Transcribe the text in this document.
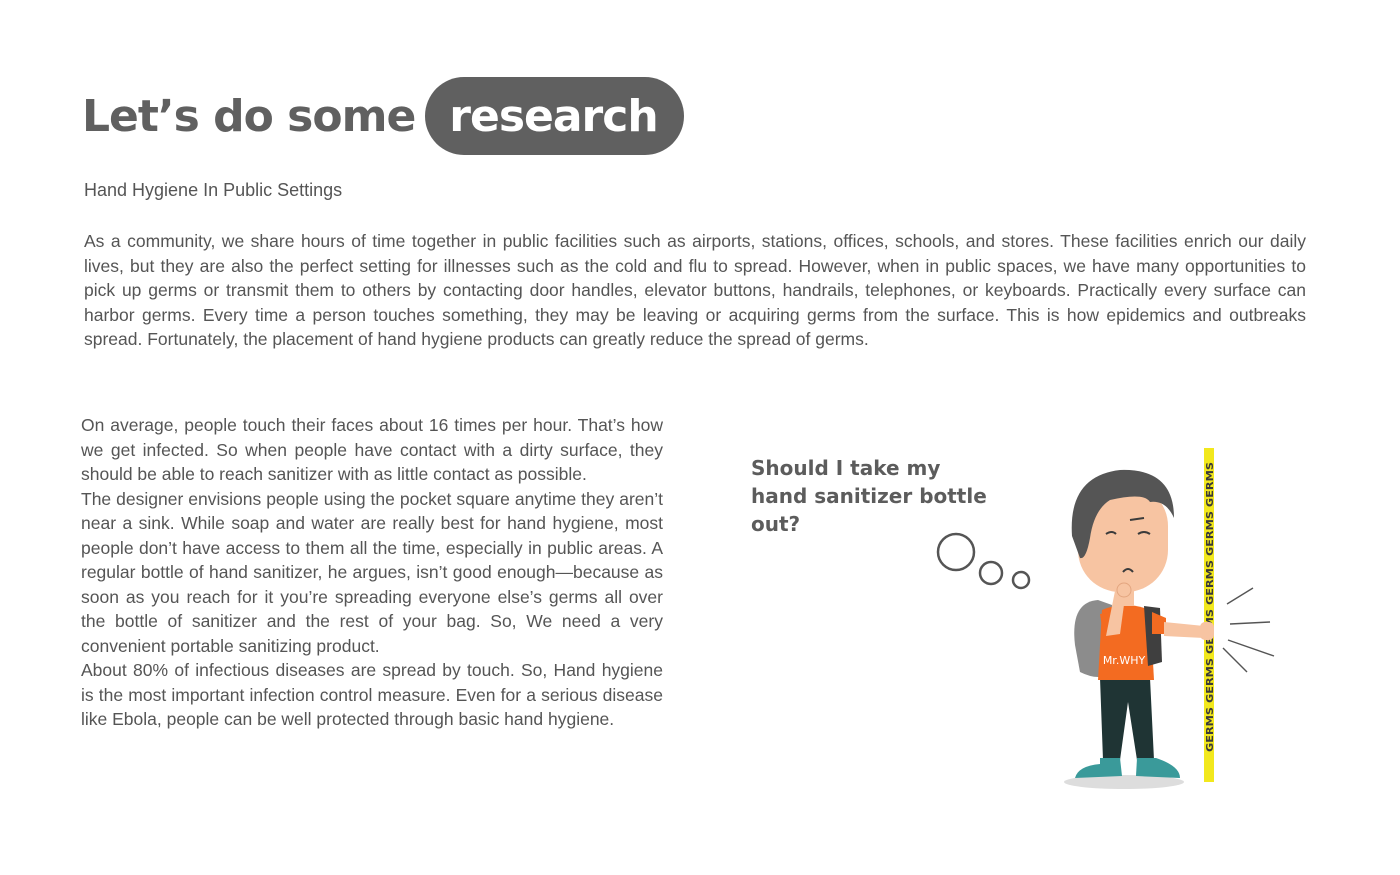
Let’s do some research
Hand Hygiene In Public Settings

As a community, we share hours of time together in public facilities such as airports, stations, offices, schools, and stores. These facilities enrich our daily lives, but they are also the perfect setting for illnesses such as the cold and flu to spread. However, when in public spaces, we have many opportunities to pick up germs or transmit them to others by contacting door handles, elevator buttons, handrails, telephones, or keyboards. Practically every surface can harbor germs. Every time a person touches something, they may be leaving or acquiring germs from the surface. This is how epidemics and outbreaks spread. Fortunately, the placement of hand hygiene products can greatly reduce the spread of germs.

On average, people touch their faces about 16 times per hour. That’s how we get infected. So when people have contact with a dirty surface, they should be able to reach sanitizer with as little contact as possible.

The designer envisions people using the pocket square anytime they aren’t near a sink. While soap and water are really best for hand hygiene, most people don’t have access to them all the time, especially in public areas. A regular bottle of hand sanitizer, he argues, isn’t good enough—because as soon as you reach for it you’re spreading everyone else’s germs all over the bottle of sanitizer and the rest of your bag. So, We need a very convenient portable sanitizing product.

About 80% of infectious diseases are spread by touch. So, Hand hygiene is the most important infection control measure. Even for a serious disease like Ebola, people can be well protected through basic hand hygiene.

Should I take my hand sanitizer bottle out?

Mr.WHY
